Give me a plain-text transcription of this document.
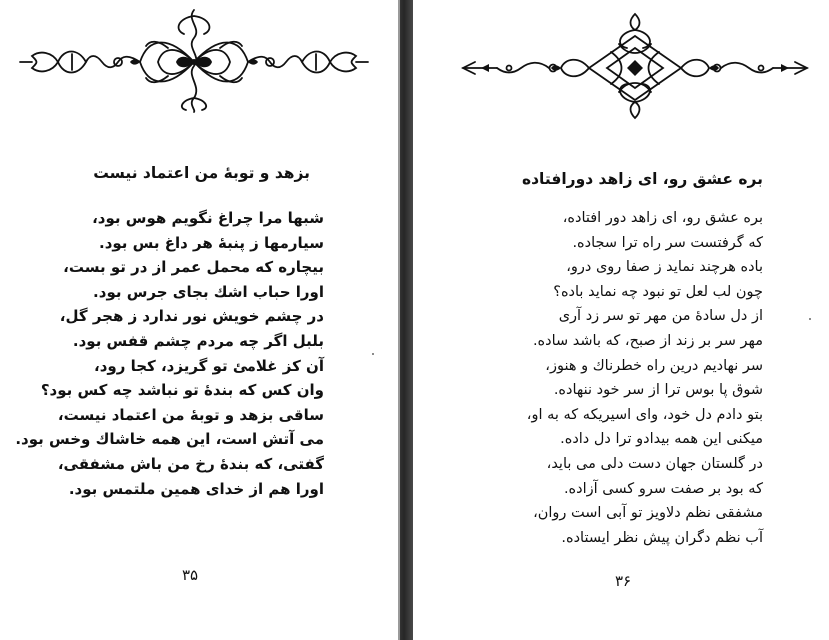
بزهد و توبهٔ من اعتماد نیست
شبها مرا چراغ نگویم هوس بود،
سیارمها ز پنبهٔ هر داغ بس بود.
بیچاره که محمل عمر از در تو بست،
اورا حباب اشك بجای جرس بود.
در چشم خویش نور ندارد ز هجر گل،
بلبل اگر چه مردم چشم قفس بود.
آن کز غلامئ تو گریزد، کجا رود،
وان کس که بندهٔ تو نباشد چه کس بود؟
ساقی بزهد و توبهٔ من اعتماد نیست،
می آتش است، این همه خاشاك وخس بود.
گفتی، که بندهٔ رخ من باش مشفقی،
اورا هم از خدای همین ملتمس بود.
۳۵
بره عشق رو، ای زاهد دورافتاده
بره عشق رو، ای زاهد دور افتاده،
که گرفتست سر راه ترا سجاده.
باده هرچند نماید ز صفا روی درو،
چون لب لعل تو نبود چه نماید باده؟
از دل سادهٔ من مهر تو سر زد آری
مهر سر بر زند از صبح، که باشد ساده.
سر نهادیم درین راه خطرناك و هنوز،
شوق پا بوس ترا از سر خود ننهاده.
بتو دادم دل خود، وای اسیریکه که به او،
میکنی این همه بیدادو ترا دل داده.
در گلستان جهان دست دلی می باید،
که بود بر صفت سرو کسی آزاده.
مشفقی نظم دلاویز تو آبی است روان،
آب نظم دگران پیش نظر ایستاده.
۳۶
